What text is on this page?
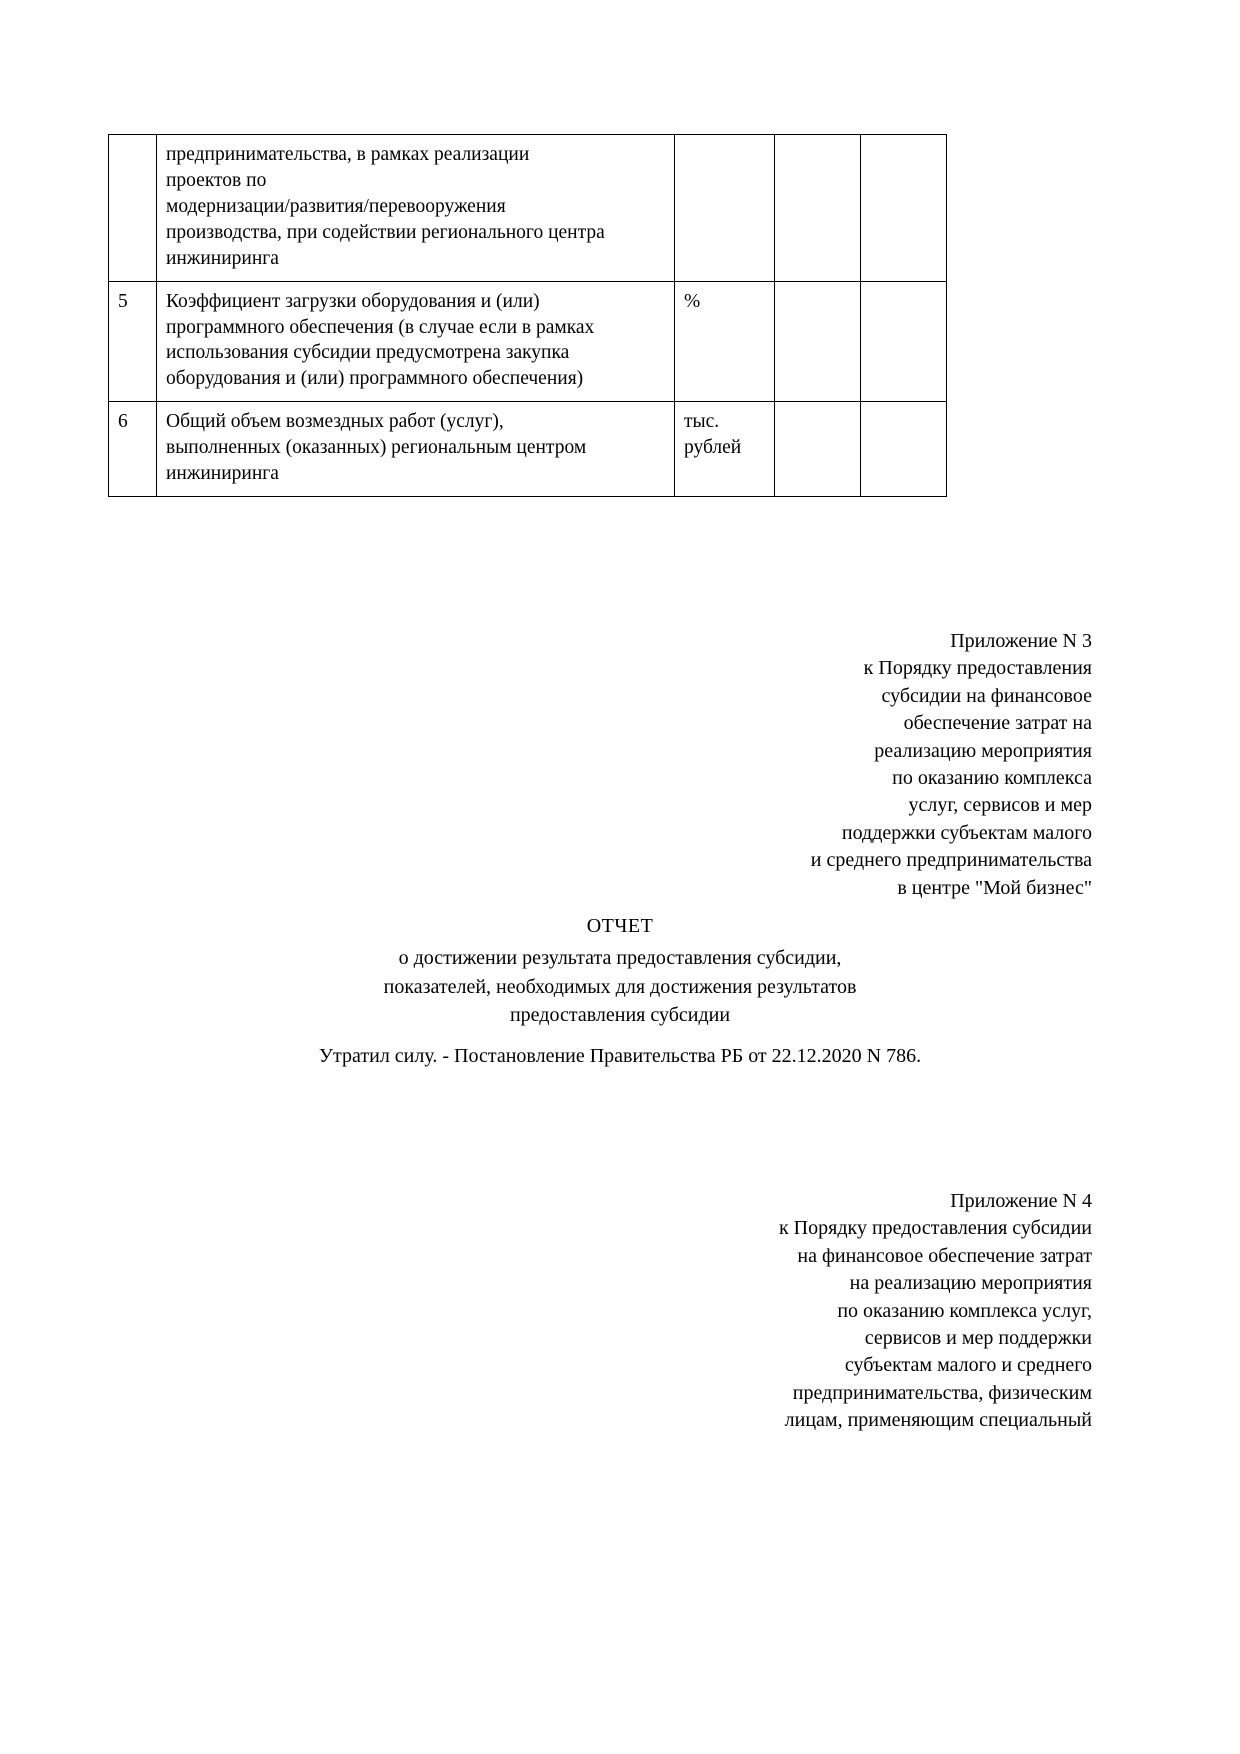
	предпринимательства, в рамках реализации
проектов по
модернизации/развития/перевооружения
производства, при содействии регионального центра
инжиниринга			

5	Коэффициент загрузки оборудования и (или)
программного обеспечения (в случае если в рамках
использования субсидии предусмотрена закупка
оборудования и (или) программного обеспечения)	%		

6	Общий объем возмездных работ (услуг),
выполненных (оказанных) региональным центром
инжиниринга	тыс.
рублей		

Приложение N 3
к Порядку предоставления
субсидии на финансовое
обеспечение затрат на
реализацию мероприятия
по оказанию комплекса
услуг, сервисов и мер
поддержки субъектам малого
и среднего предпринимательства
в центре "Мой бизнес"
ОТЧЕТ
о достижении результата предоставления субсидии,
показателей, необходимых для достижения результатов
предоставления субсидии
Утратил силу. - Постановление Правительства РБ от 22.12.2020 N 786.
Приложение N 4
к Порядку предоставления субсидии
на финансовое обеспечение затрат
на реализацию мероприятия
по оказанию комплекса услуг,
сервисов и мер поддержки
субъектам малого и среднего
предпринимательства, физическим
лицам, применяющим специальный
